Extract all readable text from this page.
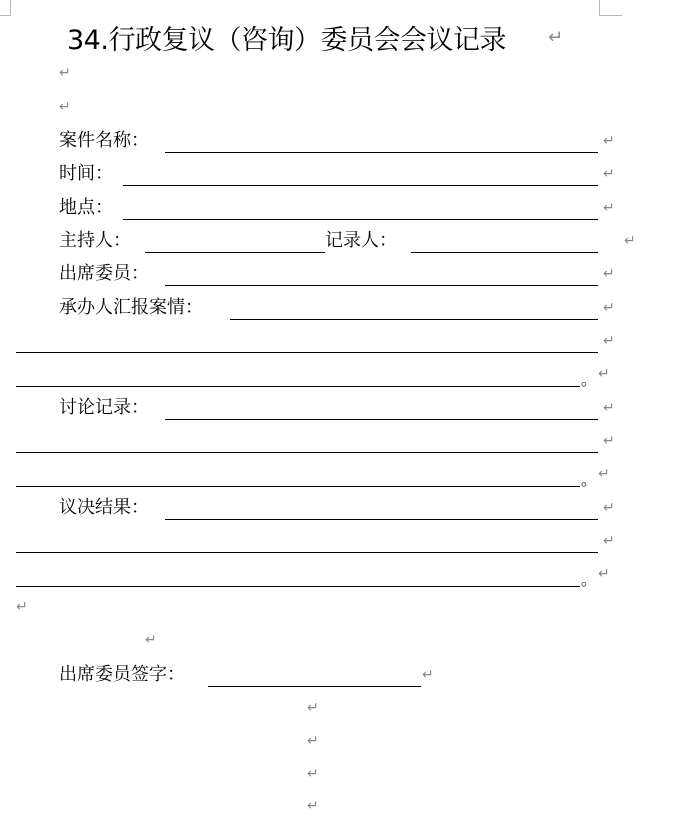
34.行政复议（咨询）委员会会议记录 ↵
↵
↵
案件名称：	↵
时间：	↵
地点：	↵
主持人：	记录人：	↵
出席委员：	↵
承办人汇报案情：	↵
↵
。 ↵
讨论记录：	↵
↵
。 ↵
议决结果：	↵
↵
。 ↵
↵
↵
出席委员签字：	↵
↵
↵
↵
↵
